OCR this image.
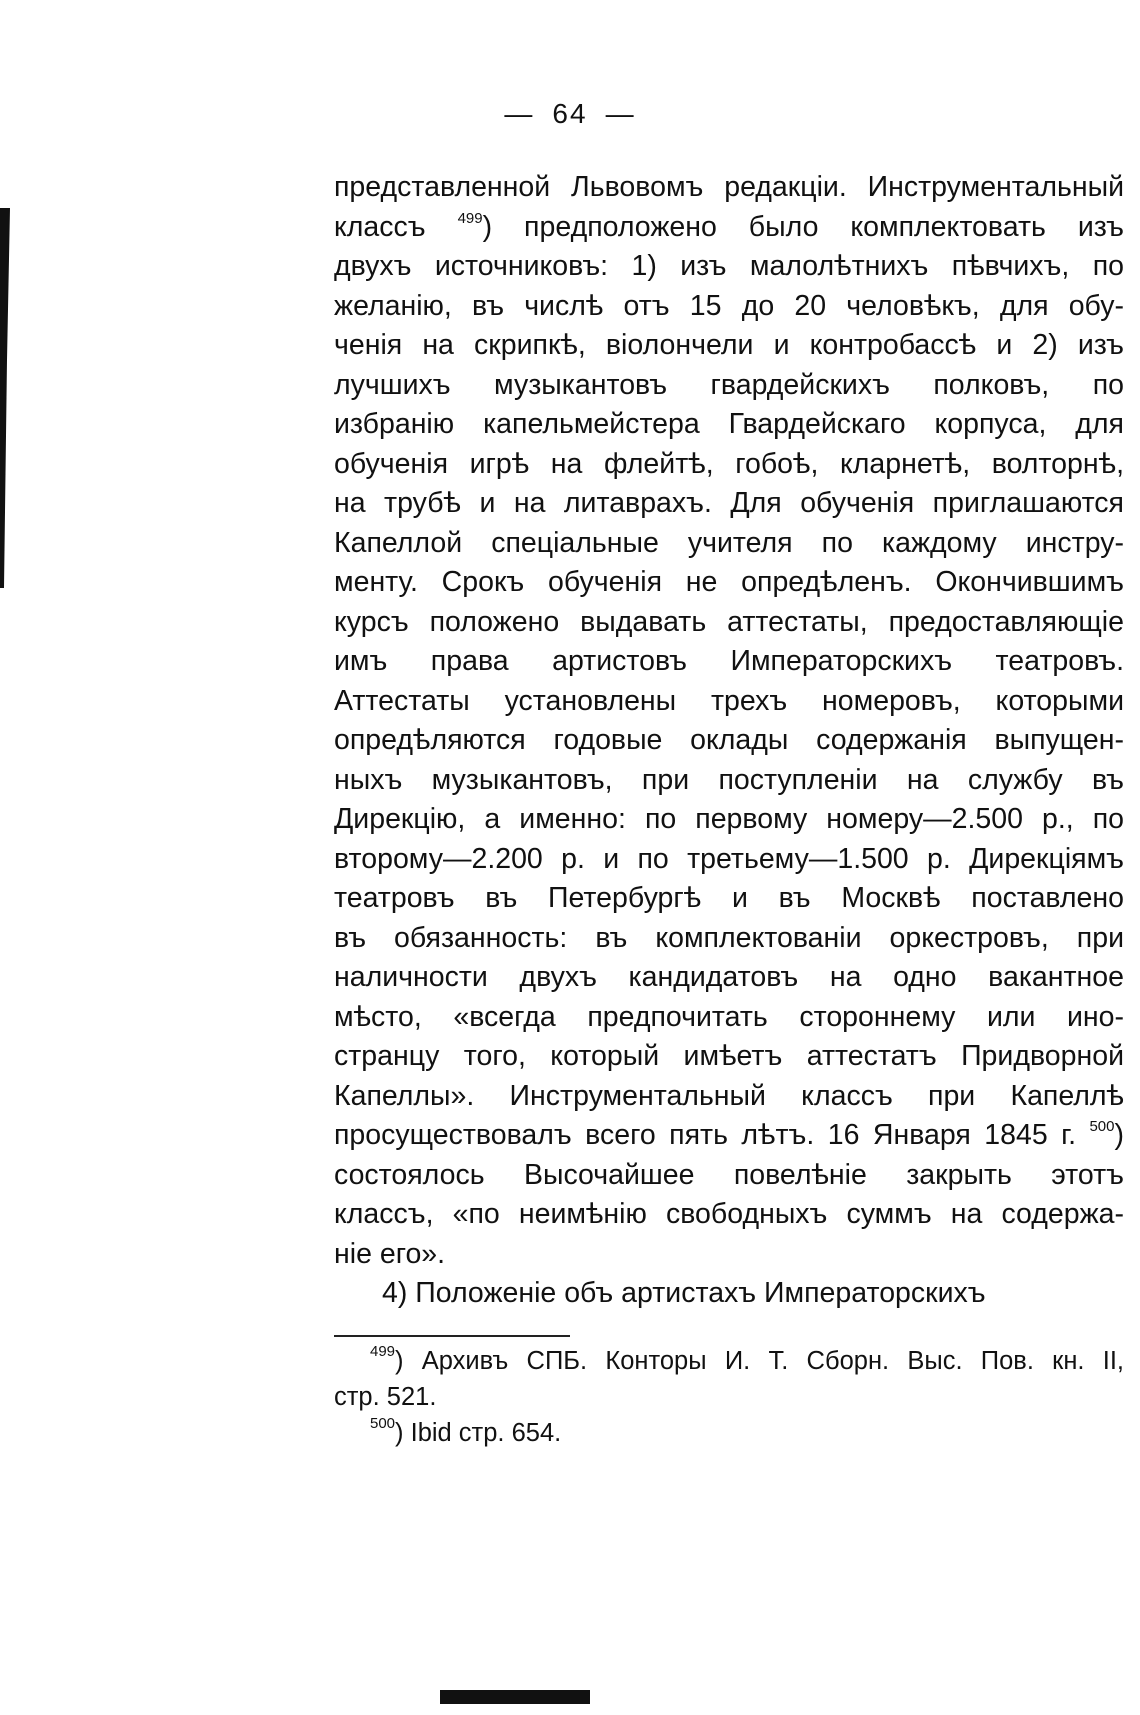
— 64 —
представленной Львовомъ редакціи. Инструментальный
классъ $^{499}$) предположено было комплектовать изъ
двухъ источниковъ: 1) изъ малолѣтнихъ пѣвчихъ, по
желанію, въ числѣ отъ 15 до 20 человѣкъ, для обу-
ченія на скрипкѣ, віолончели и контробассѣ и 2) изъ
лучшихъ музыкантовъ гвардейскихъ полковъ, по
избранію капельмейстера Гвардейскаго корпуса, для
обученія игрѣ на флейтѣ, гобоѣ, кларнетѣ, волторнѣ,
на трубѣ и на литаврахъ. Для обученія приглашаются
Капеллой спеціальные учителя по каждому инстру-
менту. Срокъ обученія не опредѣленъ. Окончившимъ
курсъ положено выдавать аттестаты, предоставляющіе
имъ права артистовъ Императорскихъ театровъ.
Аттестаты установлены трехъ номеровъ, которыми
опредѣляются годовые оклады содержанія выпущен-
ныхъ музыкантовъ, при поступленіи на службу въ
Дирекцію, а именно: по первому номеру—2.500 р., по
второму—2.200 р. и по третьему—1.500 р. Дирекціямъ
театровъ въ Петербургѣ и въ Москвѣ поставлено
въ обязанность: въ комплектованіи оркестровъ, при
наличности двухъ кандидатовъ на одно вакантное
мѣсто, «всегда предпочитать стороннему или ино-
странцу того, который имѣетъ аттестатъ Придворной
Капеллы». Инструментальный классъ при Капеллѣ
просуществовалъ всего пять лѣтъ. 16 Января 1845 г. $^{500}$)
состоялось Высочайшее повелѣніе закрыть этотъ
классъ, «по неимѣнію свободныхъ суммъ на содержа-
ніе его».
4) Положеніе объ артистахъ Императорскихъ
$^{499}$) Архивъ СПБ. Конторы И. Т. Сборн. Выс. Пов. кн. II,
стр. 521.
$^{500}$) Ibid стр. 654.
